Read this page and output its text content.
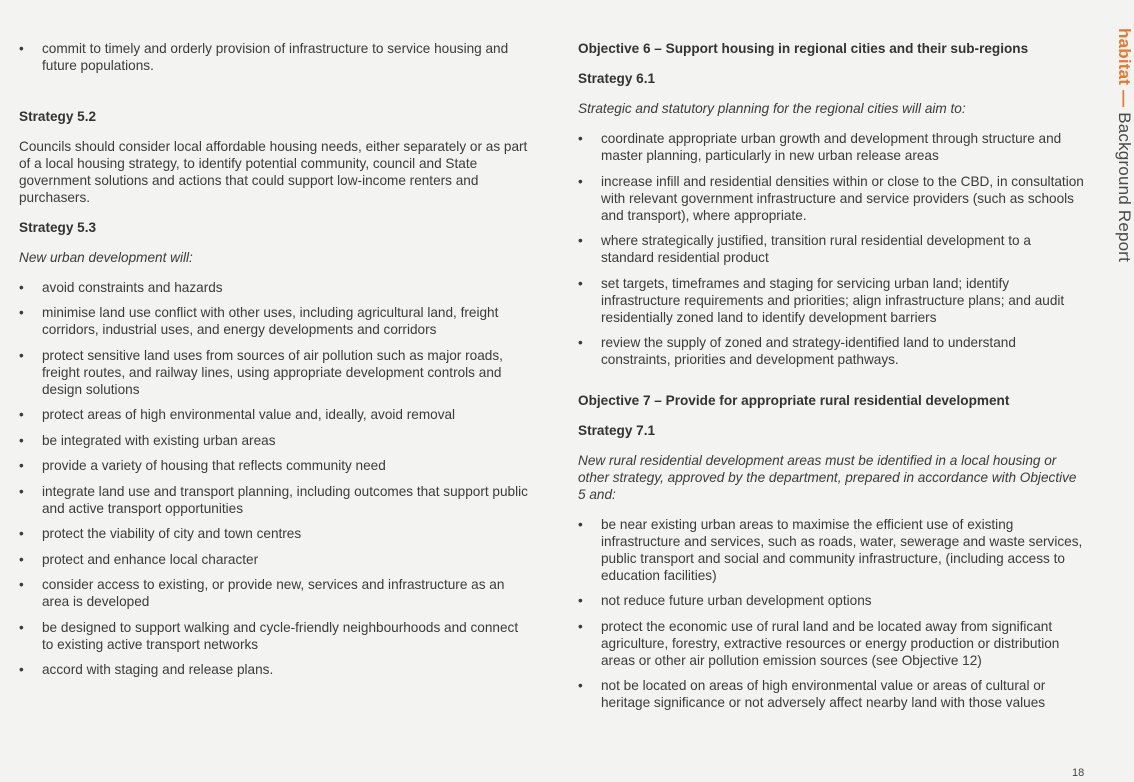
• commit to timely and orderly provision of infrastructure to service housing and future populations.
Strategy 5.2
Councils should consider local affordable housing needs, either separately or as part of a local housing strategy, to identify potential community, council and State government solutions and actions that could support low-income renters and purchasers.
Strategy 5.3
New urban development will:
• avoid constraints and hazards
• minimise land use conflict with other uses, including agricultural land, freight corridors, industrial uses, and energy developments and corridors
• protect sensitive land uses from sources of air pollution such as major roads, freight routes, and railway lines, using appropriate development controls and design solutions
• protect areas of high environmental value and, ideally, avoid removal
• be integrated with existing urban areas
• provide a variety of housing that reflects community need
• integrate land use and transport planning, including outcomes that support public and active transport opportunities
• protect the viability of city and town centres
• protect and enhance local character
• consider access to existing, or provide new, services and infrastructure as an area is developed
• be designed to support walking and cycle-friendly neighbourhoods and connect to existing active transport networks
• accord with staging and release plans.
Objective 6 – Support housing in regional cities and their sub-regions
Strategy 6.1
Strategic and statutory planning for the regional cities will aim to:
• coordinate appropriate urban growth and development through structure and master planning, particularly in new urban release areas
• increase infill and residential densities within or close to the CBD, in consultation with relevant government infrastructure and service providers (such as schools and transport), where appropriate.
• where strategically justified, transition rural residential development to a standard residential product
• set targets, timeframes and staging for servicing urban land; identify infrastructure requirements and priorities; align infrastructure plans; and audit residentially zoned land to identify development barriers
• review the supply of zoned and strategy-identified land to understand constraints, priorities and development pathways.
Objective 7 – Provide for appropriate rural residential development
Strategy 7.1
New rural residential development areas must be identified in a local housing or other strategy, approved by the department, prepared in accordance with Objective 5 and:
• be near existing urban areas to maximise the efficient use of existing infrastructure and services, such as roads, water, sewerage and waste services, public transport and social and community infrastructure, (including access to education facilities)
• not reduce future urban development options
• protect the economic use of rural land and be located away from significant agriculture, forestry, extractive resources or energy production or distribution areas or other air pollution emission sources (see Objective 12)
• not be located on areas of high environmental value or areas of cultural or heritage significance or not adversely affect nearby land with those values
habitat — Background Report
18
